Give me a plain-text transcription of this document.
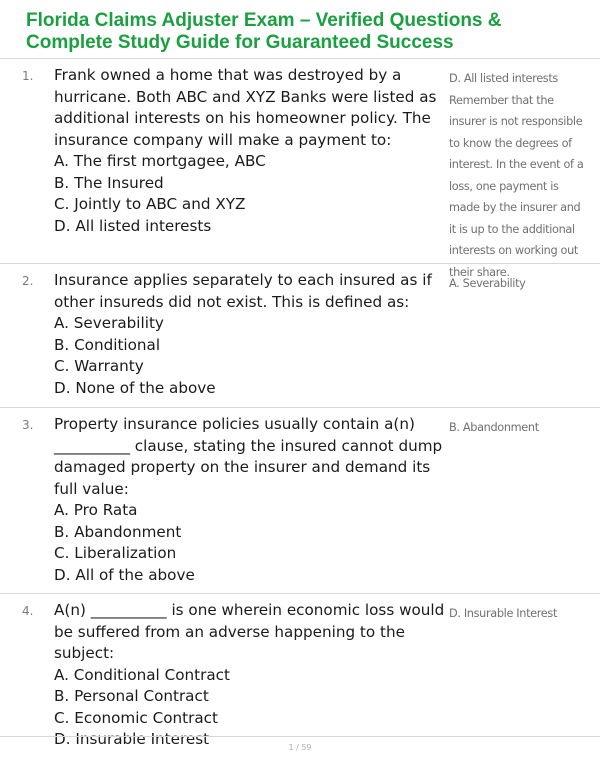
Florida Claims Adjuster Exam – Verified Questions & Complete Study Guide for Guaranteed Success
1. Frank owned a home that was destroyed by a hurricane. Both ABC and XYZ Banks were listed as additional interests on his homeowner policy. The insurance company will make a payment to:
A. The first mortgagee, ABC
B. The Insured
C. Jointly to ABC and XYZ
D. All listed interests
D. All listed interests
Remember that the insurer is not responsible to know the degrees of interest. In the event of a loss, one payment is made by the insurer and it is up to the additional interests on working out their share.
2. Insurance applies separately to each insured as if other insureds did not exist. This is defined as:
A. Severability
B. Conditional
C. Warranty
D. None of the above
A. Severability
3. Property insurance policies usually contain a(n) __________ clause, stating the insured cannot dump damaged property on the insurer and demand its full value:
A. Pro Rata
B. Abandonment
C. Liberalization
D. All of the above
B. Abandonment
4. A(n) __________ is one wherein economic loss would be suffered from an adverse happening to the subject:
A. Conditional Contract
B. Personal Contract
C. Economic Contract
D. Insurable Interest
D. Insurable Interest
1 / 59
